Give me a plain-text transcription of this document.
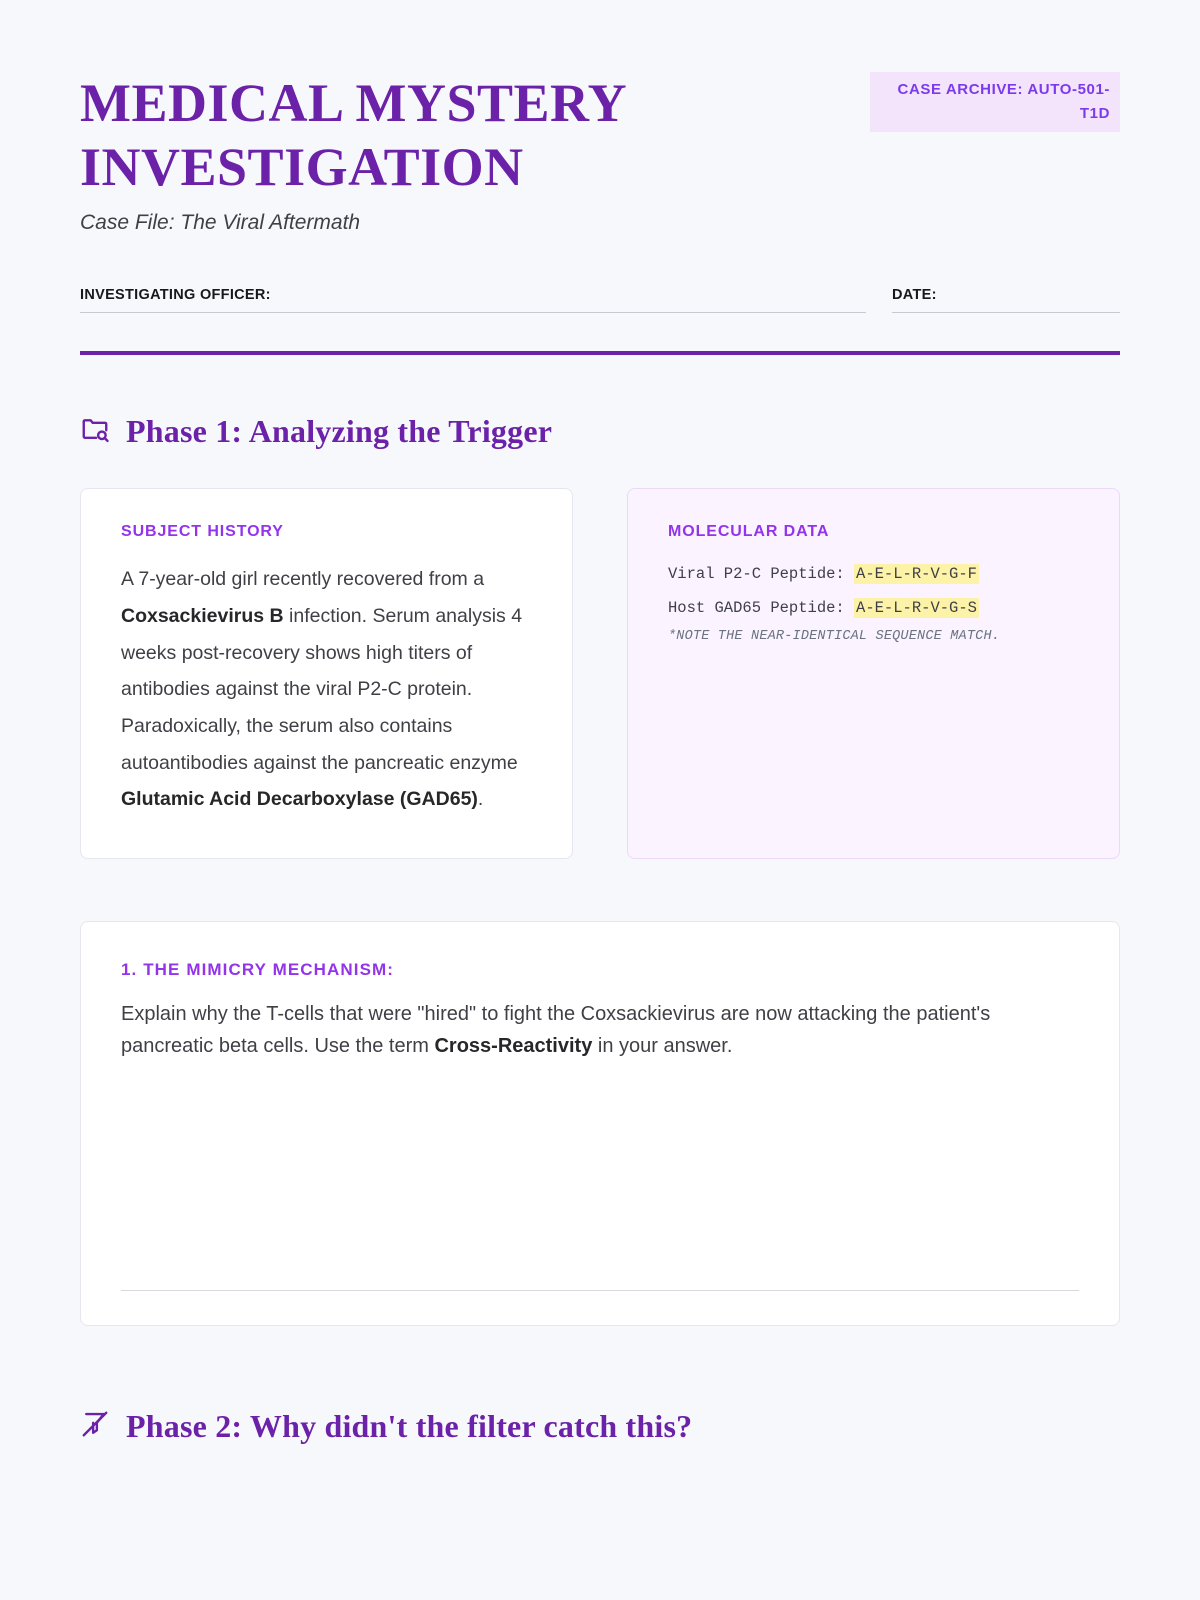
MEDICAL MYSTERY INVESTIGATION
Case File: The Viral Aftermath
CASE ARCHIVE: AUTO-501-T1D
INVESTIGATING OFFICER:	DATE:
Phase 1: Analyzing the Trigger
SUBJECT HISTORY
A 7-year-old girl recently recovered from a Coxsackievirus B infection. Serum analysis 4 weeks post-recovery shows high titers of antibodies against the viral P2-C protein. Paradoxically, the serum also contains autoantibodies against the pancreatic enzyme Glutamic Acid Decarboxylase (GAD65).
MOLECULAR DATA
Viral P2-C Peptide: A-E-L-R-V-G-F
Host GAD65 Peptide: A-E-L-R-V-G-S
*NOTE THE NEAR-IDENTICAL SEQUENCE MATCH.
1. THE MIMICRY MECHANISM:
Explain why the T-cells that were "hired" to fight the Coxsackievirus are now attacking the patient's pancreatic beta cells. Use the term Cross-Reactivity in your answer.
Phase 2: Why didn't the filter catch this?
